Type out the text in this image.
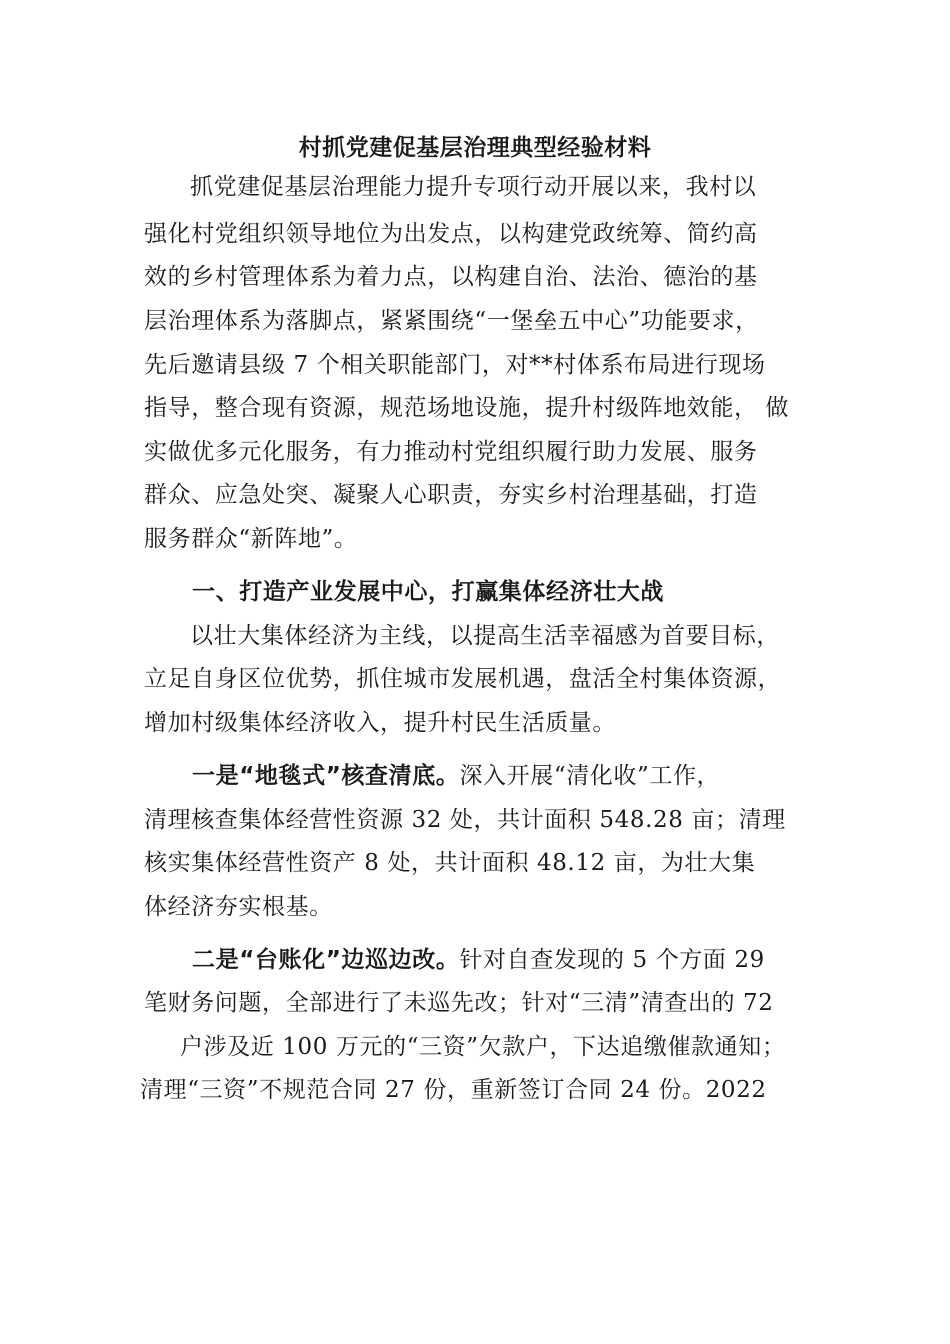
村抓党建促基层治理典型经验材料

抓党建促基层治理能力提升专项行动开展以来，我村以

强化村党组织领导地位为出发点，以构建党政统筹、简约高

效的乡村管理体系为着力点，以构建自治、法治、德治的基

层治理体系为落脚点，紧紧围绕“一堡垒五中心”功能要求，

先后邀请县级 7 个相关职能部门，对**村体系布局进行现场

指导，整合现有资源，规范场地设施，提升村级阵地效能， 做

实做优多元化服务，有力推动村党组织履行助力发展、服务

群众、应急处突、凝聚人心职责，夯实乡村治理基础，打造

服务群众“新阵地”。

一、打造产业发展中心，打赢集体经济壮大战

以壮大集体经济为主线，以提高生活幸福感为首要目标，

立足自身区位优势，抓住城市发展机遇，盘活全村集体资源，

增加村级集体经济收入，提升村民生活质量。

一是“地毯式”核查清底。深入开展“清化收”工作，

清理核查集体经营性资源 32 处，共计面积 548.28 亩；清理

核实集体经营性资产 8 处，共计面积 48.12 亩，为壮大集

体经济夯实根基。

二是“台账化”边巡边改。针对自查发现的 5 个方面 29

笔财务问题，全部进行了未巡先改；针对“三清”清查出的 72

户涉及近 100 万元的“三资”欠款户，下达追缴催款通知；

清理“三资”不规范合同 27 份，重新签订合同 24 份。2022
